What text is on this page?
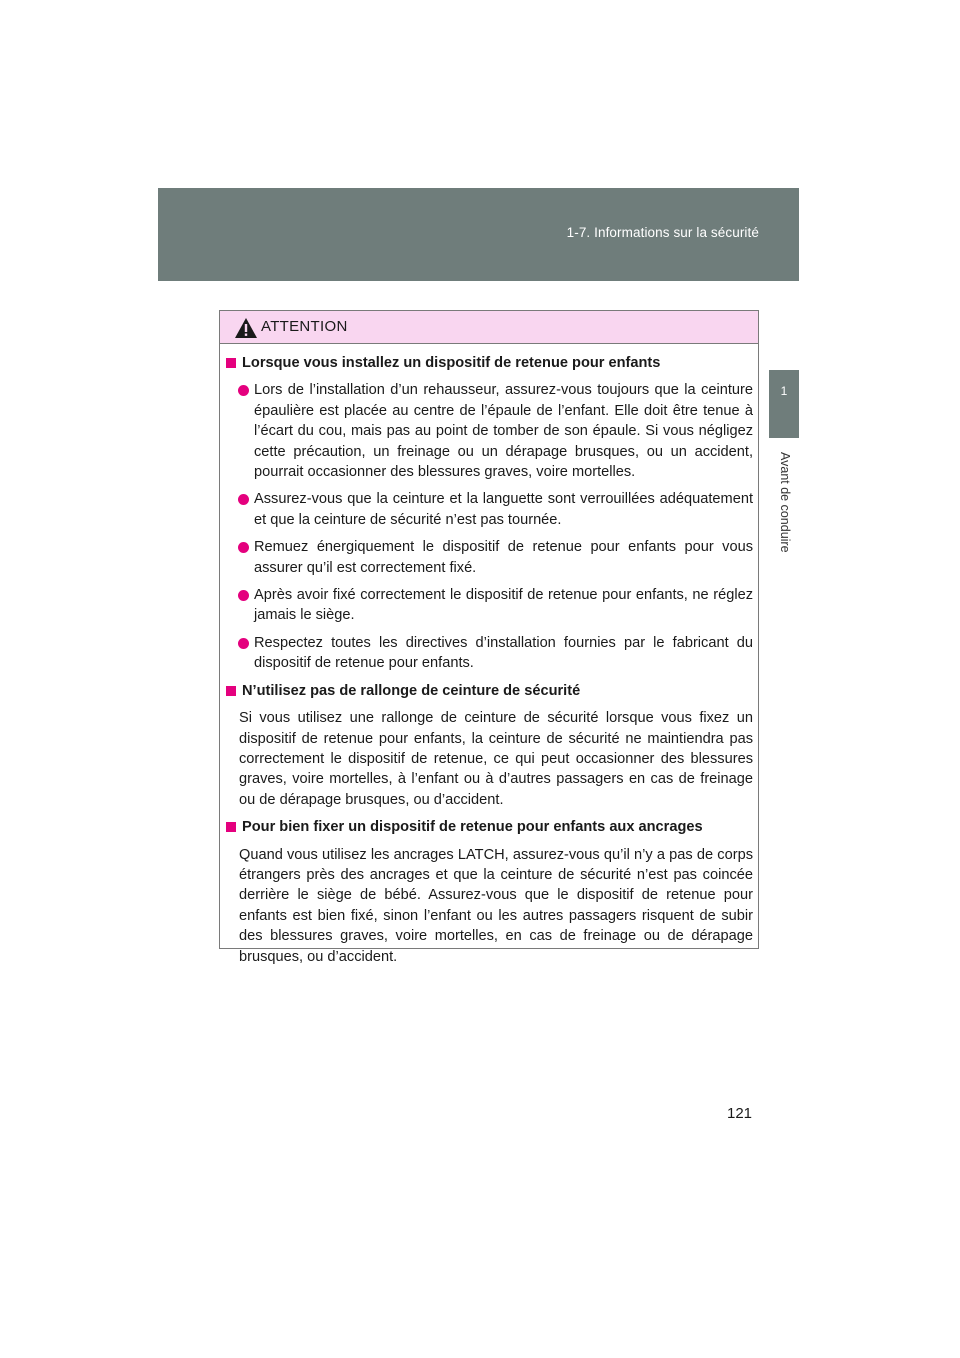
1-7. Informations sur la sécurité
1
Avant de conduire
ATTENTION
Lorsque vous installez un dispositif de retenue pour enfants
Lors de l’installation d’un rehausseur, assurez-vous toujours que la ceinture épaulière est placée au centre de l’épaule de l’enfant. Elle doit être tenue à l’écart du cou, mais pas au point de tomber de son épaule. Si vous négligez cette précaution, un freinage ou un dérapage brusques, ou un accident, pourrait occasionner des blessures graves, voire mortelles.
Assurez-vous que la ceinture et la languette sont verrouillées adéquatement et que la ceinture de sécurité n’est pas tournée.
Remuez énergiquement le dispositif de retenue pour enfants pour vous assurer qu’il est correctement fixé.
Après avoir fixé correctement le dispositif de retenue pour enfants, ne réglez jamais le siège.
Respectez toutes les directives d’installation fournies par le fabricant du dispositif de retenue pour enfants.
N’utilisez pas de rallonge de ceinture de sécurité
Si vous utilisez une rallonge de ceinture de sécurité lorsque vous fixez un dispositif de retenue pour enfants, la ceinture de sécurité ne maintiendra pas correctement le dispositif de retenue, ce qui peut occasionner des blessures graves, voire mortelles, à l’enfant ou à d’autres passagers en cas de freinage ou de dérapage brusques, ou d’accident.
Pour bien fixer un dispositif de retenue pour enfants aux ancrages
Quand vous utilisez les ancrages LATCH, assurez-vous qu’il n’y a pas de corps étrangers près des ancrages et que la ceinture de sécurité n’est pas coincée derrière le siège de bébé. Assurez-vous que le dispositif de retenue pour enfants est bien fixé, sinon l’enfant ou les autres passagers risquent de subir des blessures graves, voire mortelles, en cas de freinage ou de dérapage brusques, ou d’accident.
121
